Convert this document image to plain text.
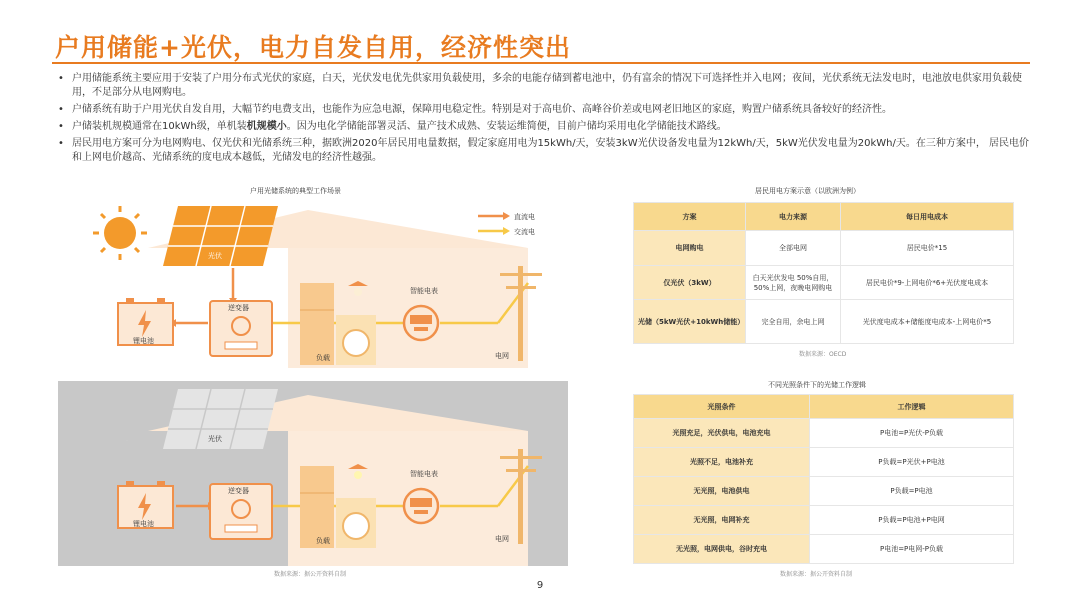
户用储能+光伏，电力自发自用，经济性突出
• 户用储能系统主要应用于安装了户用分布式光伏的家庭，白天，光伏发电优先供家用负载使用，多余的电能存储到蓄电池中，仍有富余的情况下可选择性并入电网；夜间，光伏系统无法发电时，电池放电供家用负载使用，不足部分从电网购电。
• 户储系统有助于户用光伏自发自用，大幅节约电费支出，也能作为应急电源，保障用电稳定性。特别是对于高电价、高峰谷价差或电网老旧地区的家庭，购置户储系统具备较好的经济性。
• 户储装机规模通常在10kWh级，单机装机规模小。因为电化学储能部署灵活、量产技术成熟、安装运维简便，目前户储均采用电化学储能技术路线。
• 居民用电方案可分为电网购电、仅光伏和光储系统三种，据欧洲2020年居民用电量数据，假定家庭用电为15kWh/天，安装3kW光伏设备发电量为12kWh/天，5kW光伏发电量为20kWh/天。在三种方案中， 居民电价和上网电价越高、光储系统的度电成本越低，光储发电的经济性越强。
户用光储系统的典型工作场景
光伏
直流电
交流电
锂电池
逆变器
负载
智能电表
电网
光伏
锂电池
逆变器
负载
智能电表
电网
数据来源：据公开资料自制
居民用电方案示意（以欧洲为例）
方案	电力来源	每日用电成本
电网购电	全部电网	居民电价*15
仅光伏（3kW）	白天光伏发电 50%自用，50%上网，夜晚电网购电	居民电价*9-上网电价*6+光伏度电成本
光储（5kW光伏+10kWh储能）	完全自用，余电上网	光伏度电成本+储能度电成本-上网电价*5
数据来源：OECD
不同光照条件下的光储工作逻辑
光照条件	工作逻辑
光照充足，光伏供电，电池充电	P电池=P光伏-P负载
光照不足，电池补充	P负载=P光伏+P电池
无光照，电池供电	P负载=P电池
无光照，电网补充	P负载=P电池+P电网
无光照，电网供电，谷时充电	P电池=P电网-P负载
数据来源：据公开资料自制
9
